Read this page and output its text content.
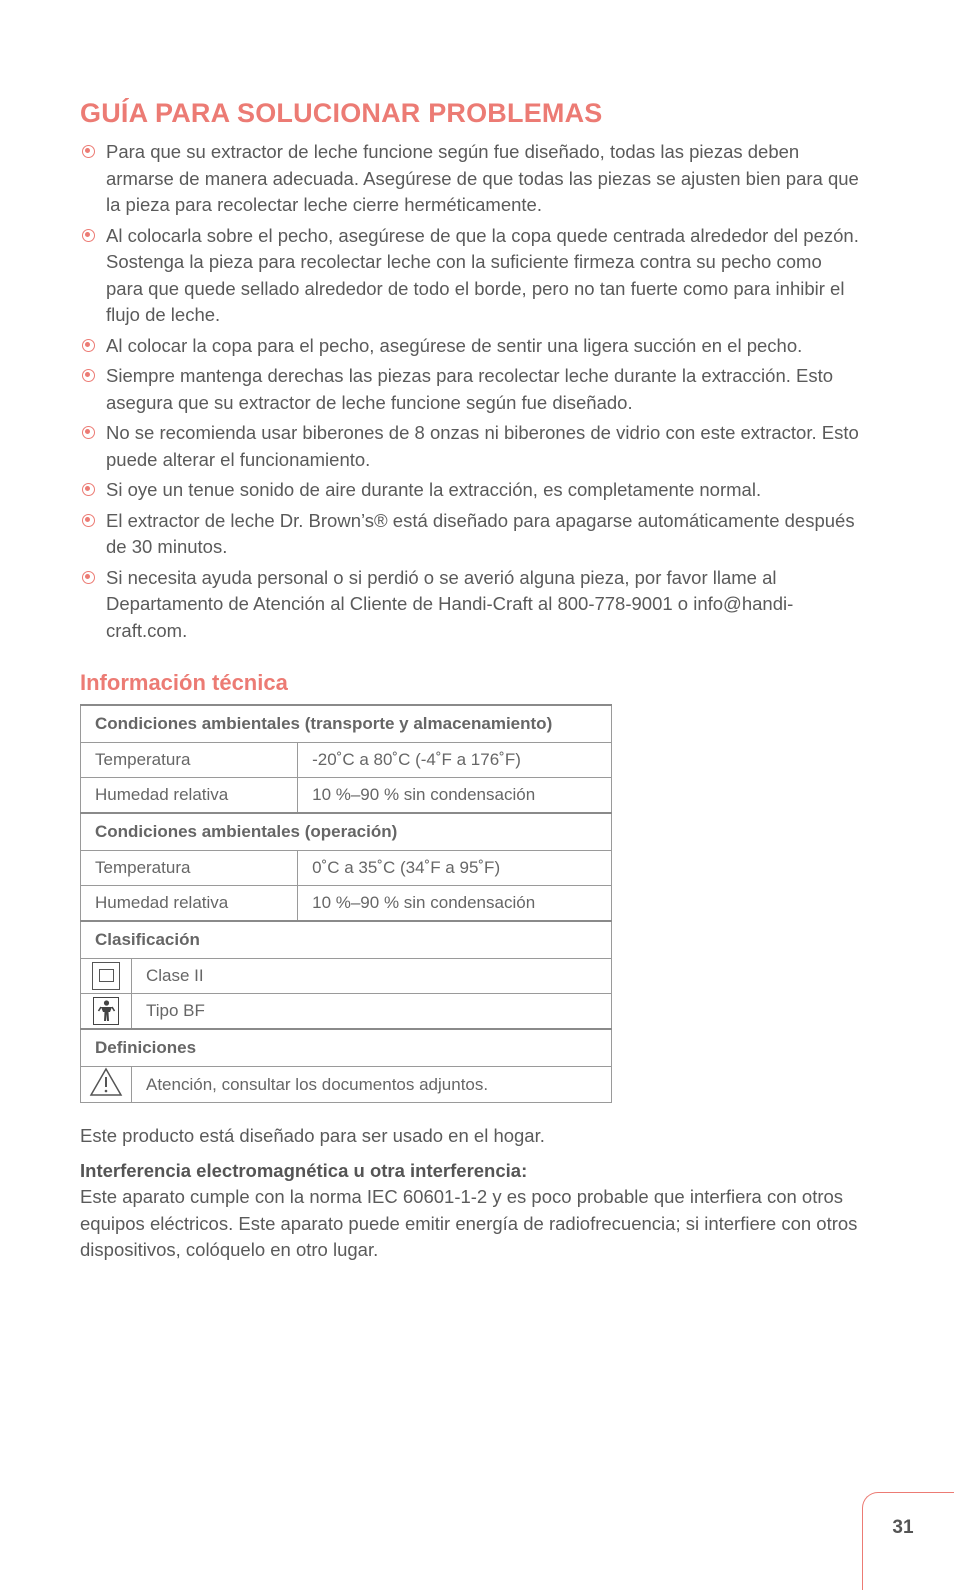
GUÍA PARA SOLUCIONAR PROBLEMAS
Para que su extractor de leche funcione según fue diseñado, todas las piezas deben armarse de manera adecuada. Asegúrese de que todas las piezas se ajusten bien para que la pieza para recolectar leche cierre herméticamente.
Al colocarla sobre el pecho, asegúrese de que la copa quede centrada alrededor del pezón. Sostenga la pieza para recolectar leche con la suficiente firmeza contra su pecho como para que quede sellado alrededor de todo el borde, pero no tan fuerte como para inhibir el flujo de leche.
Al colocar la copa para el pecho, asegúrese de sentir una ligera succión en el pecho.
Siempre mantenga derechas las piezas para recolectar leche durante la extracción. Esto asegura que su extractor de leche funcione según fue diseñado.
No se recomienda usar biberones de 8 onzas ni biberones de vidrio con este extractor. Esto puede alterar el funcionamiento.
Si oye un tenue sonido de aire durante la extracción, es completamente normal.
El extractor de leche Dr. Brown’s® está diseñado para apagarse automáticamente después de 30 minutos.
Si necesita ayuda personal o si perdió o se averió alguna pieza, por favor llame al Departamento de Atención al Cliente de Handi-Craft al 800-778-9001 o info@handi-craft.com.
Información técnica
Condiciones ambientales (transporte y almacenamiento)		
Temperatura		-20˚C a 80˚C (-4˚F a 176˚F)
Humedad relativa		10 %–90 % sin condensación
Condiciones ambientales (operación)		
Temperatura		0˚C a 35˚C (34˚F a 95˚F)
Humedad relativa		10 %–90 % sin condensación
Clasificación		
	Clase II	
	Tipo BF	
Definiciones		
	Atención, consultar los documentos adjuntos.	

Este producto está diseñado para ser usado en el hogar.

Interferencia electromagnética u otra interferencia:
Este aparato cumple con la norma IEC 60601-1-2 y es poco probable que interfiera con otros equipos eléctricos. Este aparato puede emitir energía de radiofrecuencia; si interfiere con otros dispositivos, colóquelo en otro lugar.
31
